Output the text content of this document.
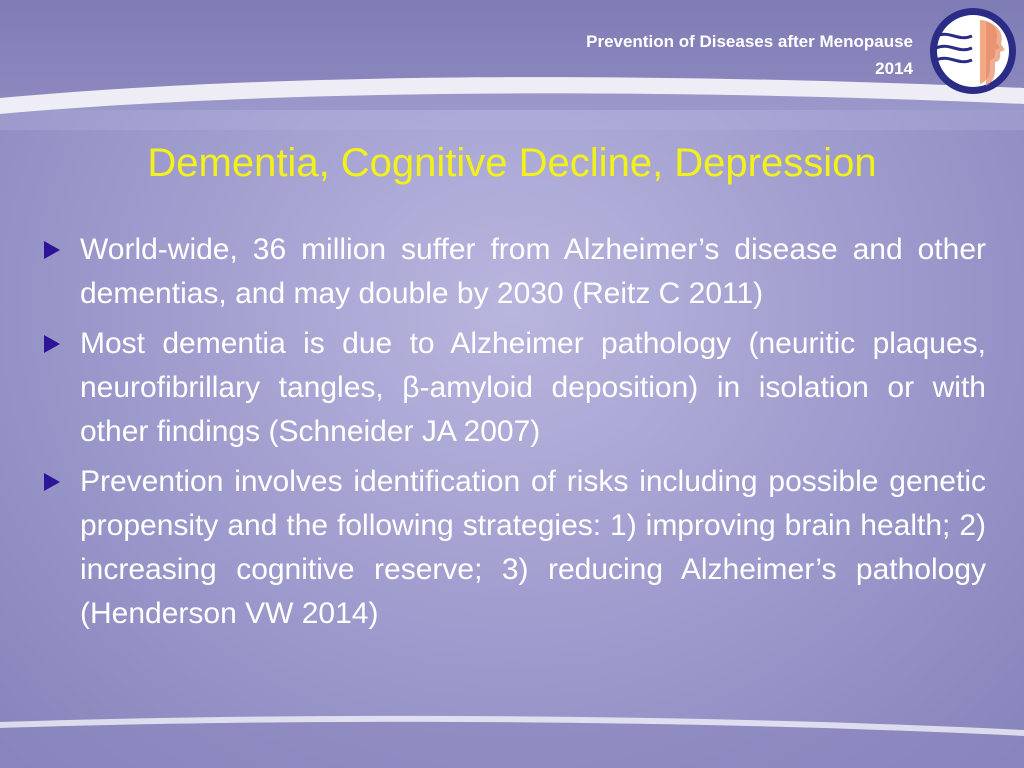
Prevention of Diseases after Menopause
2014
Dementia, Cognitive Decline, Depression
World-wide, 36 million suffer from Alzheimer’s disease and other dementias, and may double by 2030 (Reitz C 2011)
Most dementia is due to Alzheimer pathology (neuritic plaques, neurofibrillary tangles, β-amyloid deposition) in isolation or with other findings (Schneider JA 2007)
Prevention involves identification of risks including possible genetic propensity and the following strategies: 1) improving brain health; 2) increasing cognitive reserve; 3) reducing Alzheimer’s pathology (Henderson VW 2014)
